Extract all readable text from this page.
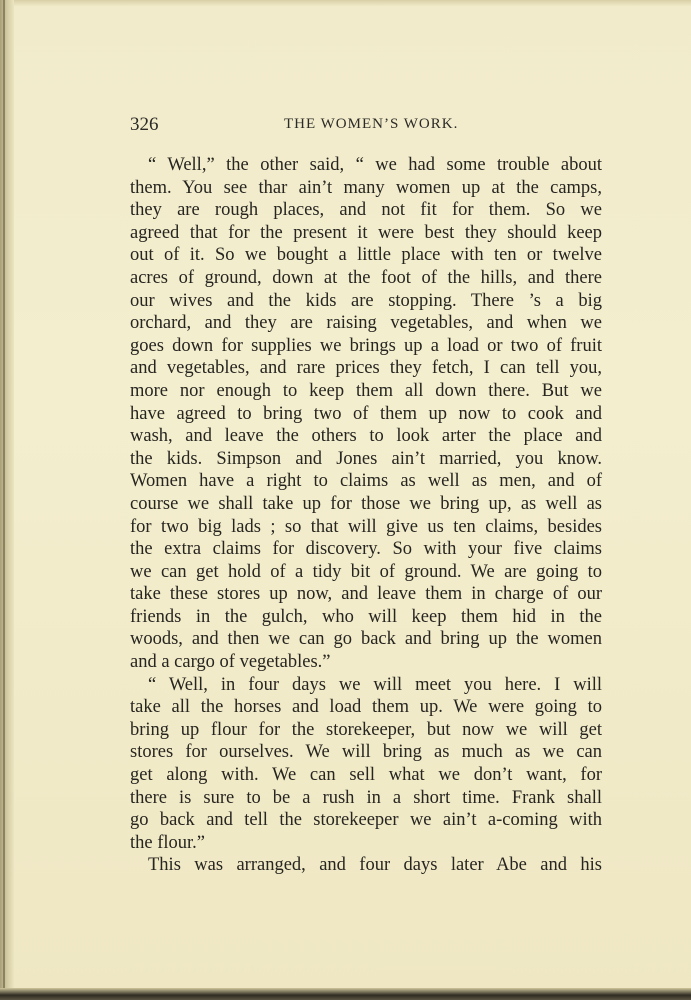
326	THE WOMEN’S WORK.
“ Well,” the other said, “ we had some trouble about
them. You see thar ain’t many women up at the camps,
they are rough places, and not fit for them. So we
agreed that for the present it were best they should keep
out of it. So we bought a little place with ten or twelve
acres of ground, down at the foot of the hills, and there
our wives and the kids are stopping. There ’s a big
orchard, and they are raising vegetables, and when we
goes down for supplies we brings up a load or two of fruit
and vegetables, and rare prices they fetch, I can tell you,
more nor enough to keep them all down there. But we
have agreed to bring two of them up now to cook and
wash, and leave the others to look arter the place and
the kids. Simpson and Jones ain’t married, you know.
Women have a right to claims as well as men, and of
course we shall take up for those we bring up, as well as
for two big lads ; so that will give us ten claims, besides
the extra claims for discovery. So with your five claims
we can get hold of a tidy bit of ground. We are going to
take these stores up now, and leave them in charge of our
friends in the gulch, who will keep them hid in the
woods, and then we can go back and bring up the women
and a cargo of vegetables.”
“ Well, in four days we will meet you here. I will
take all the horses and load them up. We were going to
bring up flour for the storekeeper, but now we will get
stores for ourselves. We will bring as much as we can
get along with. We can sell what we don’t want, for
there is sure to be a rush in a short time. Frank shall
go back and tell the storekeeper we ain’t a-coming with
the flour.”
This was arranged, and four days later Abe and his
